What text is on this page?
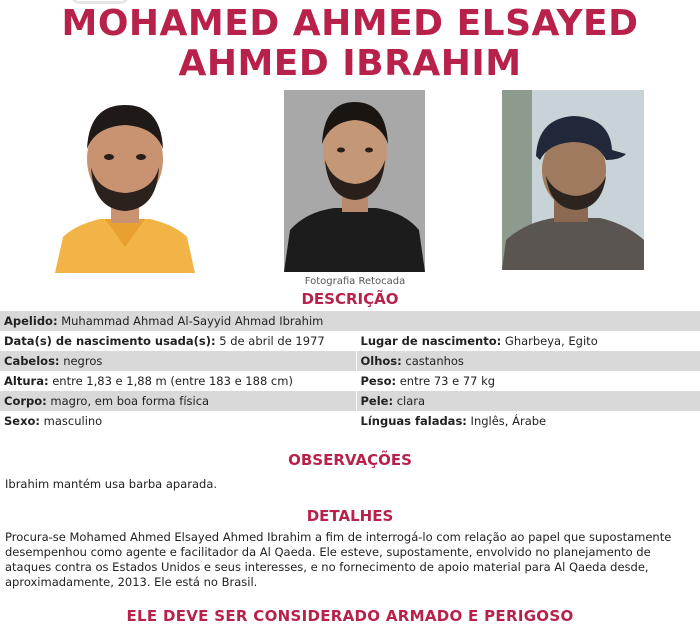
MOHAMED AHMED ELSAYED
AHMED IBRAHIM
Fotografia Retocada
DESCRIÇÃO
Apelido: Muhammad Ahmad Al-Sayyid Ahmad Ibrahim	
Data(s) de nascimento usada(s): 5 de abril de 1977	Lugar de nascimento: Gharbeya, Egito
Cabelos: negros	Olhos: castanhos
Altura: entre 1,83 e 1,88 m (entre 183 e 188 cm)	Peso: entre 73 e 77 kg
Corpo: magro, em boa forma física	Pele: clara
Sexo: masculino	Línguas faladas: Inglês, Árabe
OBSERVAÇÕES
Ibrahim mantém usa barba aparada.
DETALHES
Procura-se Mohamed Ahmed Elsayed Ahmed Ibrahim a fim de interrogá-lo com relação ao papel que supostamente
desempenhou como agente e facilitador da Al Qaeda. Ele esteve, supostamente, envolvido no planejamento de
ataques contra os Estados Unidos e seus interesses, e no fornecimento de apoio material para Al Qaeda desde,
aproximadamente, 2013. Ele está no Brasil.
ELE DEVE SER CONSIDERADO ARMADO E PERIGOSO
